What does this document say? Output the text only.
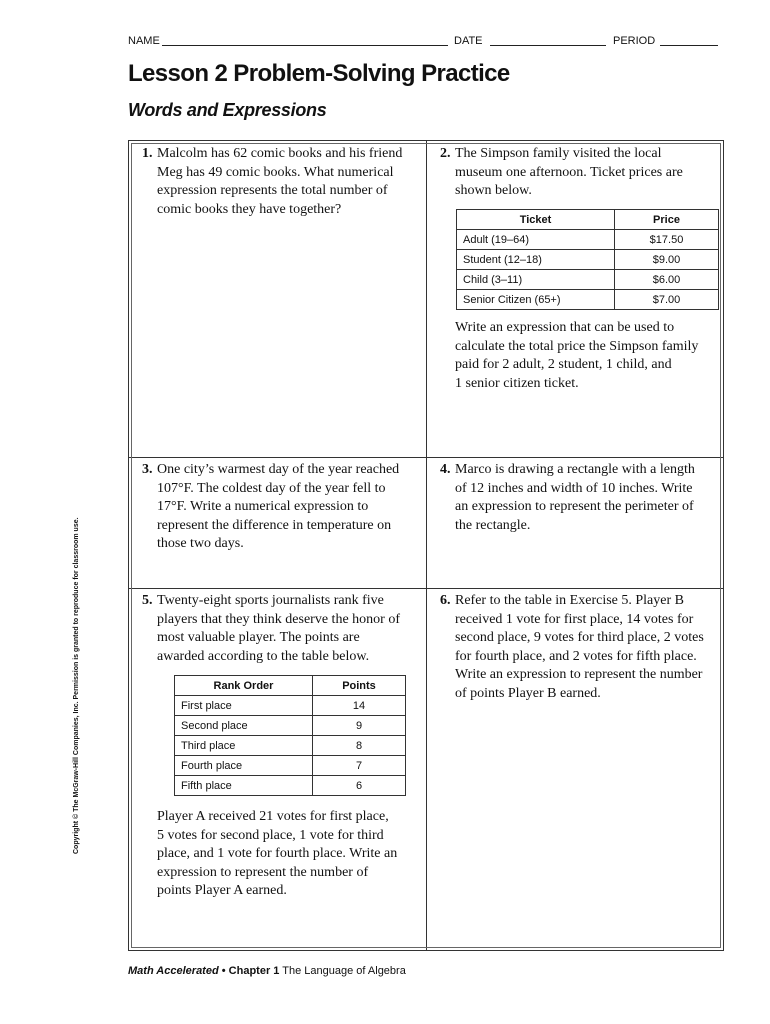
NAME	DATE	PERIOD
Lesson 2 Problem-Solving Practice
Words and Expressions
Copyright © The McGraw-Hill Companies, Inc. Permission is granted to reproduce for classroom use.
1. Malcolm has 62 comic books and his friend
Meg has 49 comic books. What numerical
expression represents the total number of
comic books they have together?
2. The Simpson family visited the local
museum one afternoon. Ticket prices are
shown below.
Ticket	Price
Adult (19–64)	$17.50
Student (12–18)	$9.00
Child (3–11)	$6.00
Senior Citizen (65+)	$7.00
Write an expression that can be used to
calculate the total price the Simpson family
paid for 2 adult, 2 student, 1 child, and
1 senior citizen ticket.
3. One city’s warmest day of the year reached
107°F. The coldest day of the year fell to
17°F. Write a numerical expression to
represent the difference in temperature on
those two days.
4. Marco is drawing a rectangle with a length
of 12 inches and width of 10 inches. Write
an expression to represent the perimeter of
the rectangle.
5. Twenty-eight sports journalists rank five
players that they think deserve the honor of
most valuable player. The points are
awarded according to the table below.
Rank Order	Points
First place	14
Second place	9
Third place	8
Fourth place	7
Fifth place	6
Player A received 21 votes for first place,
5 votes for second place, 1 vote for third
place, and 1 vote for fourth place. Write an
expression to represent the number of
points Player A earned.
6. Refer to the table in Exercise 5. Player B
received 1 vote for first place, 14 votes for
second place, 9 votes for third place, 2 votes
for fourth place, and 2 votes for fifth place.
Write an expression to represent the number
of points Player B earned.
Math Accelerated • Chapter 1 The Language of Algebra
